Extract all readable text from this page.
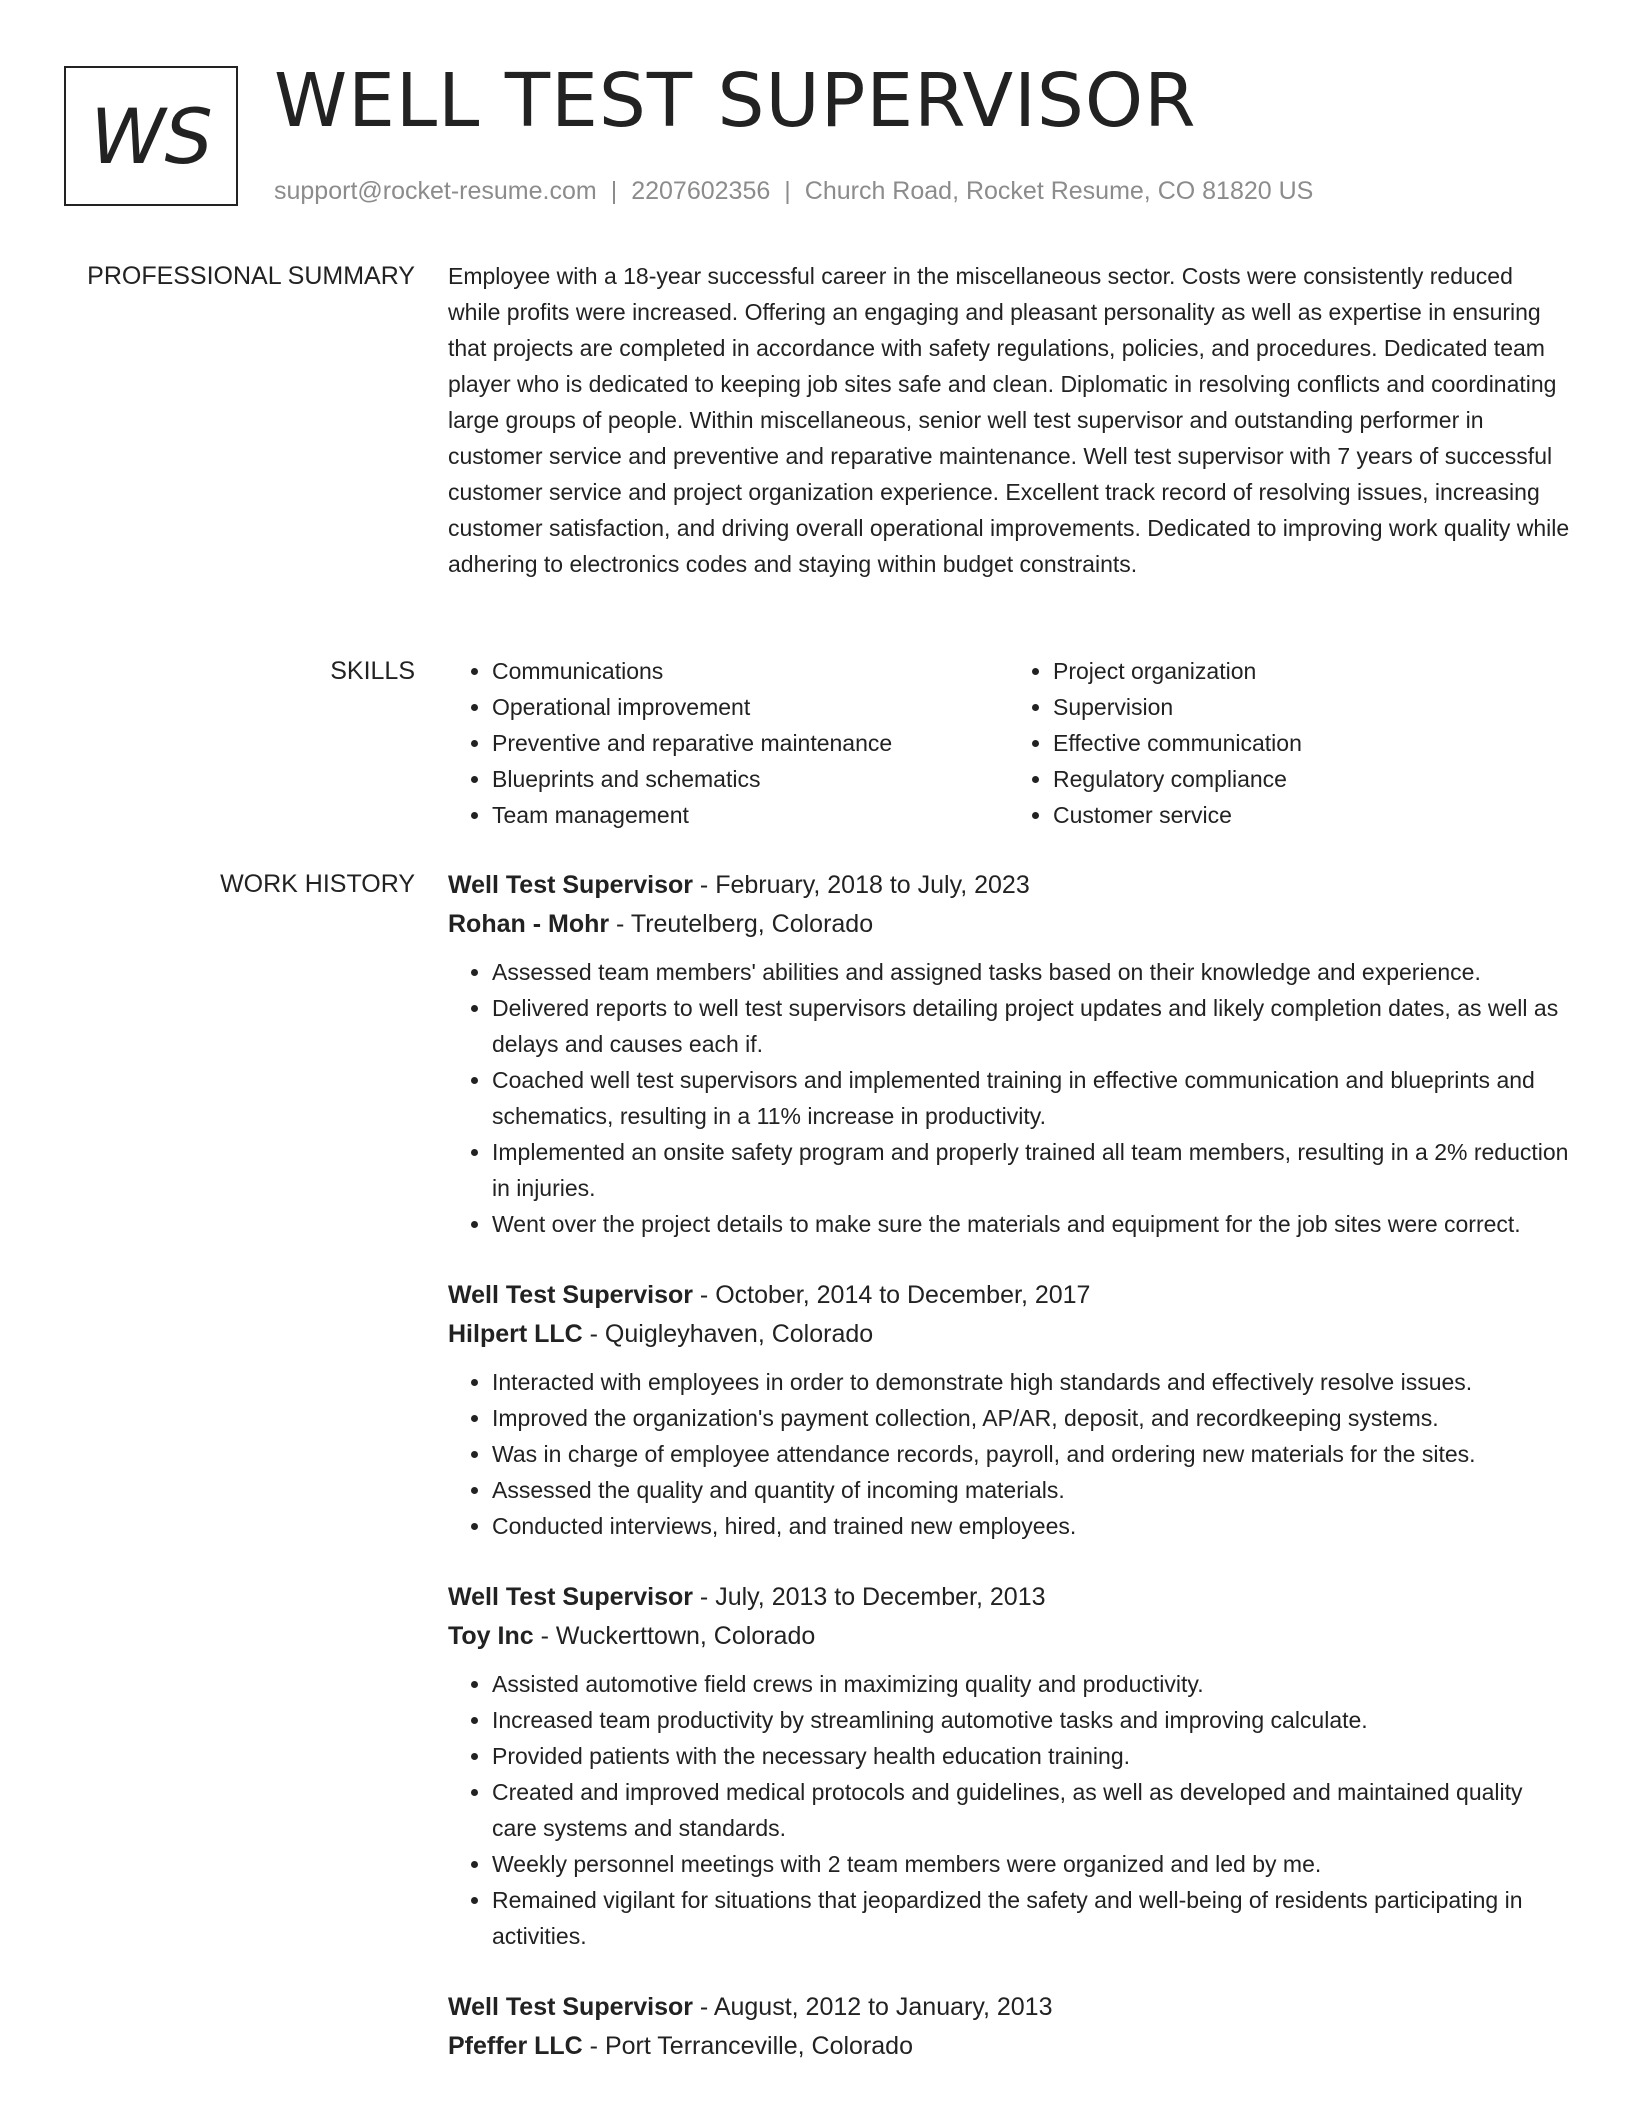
WS WELL TEST SUPERVISOR
support@rocket-resume.com | 2207602356 | Church Road, Rocket Resume, CO 81820 US
PROFESSIONAL SUMMARY Employee with a 18-year successful career in the miscellaneous sector. Costs were consistently reduced while profits were increased. Offering an engaging and pleasant personality as well as expertise in ensuring that projects are completed in accordance with safety regulations, policies, and procedures. Dedicated team player who is dedicated to keeping job sites safe and clean. Diplomatic in resolving conflicts and coordinating large groups of people. Within miscellaneous, senior well test supervisor and outstanding performer in customer service and preventive and reparative maintenance. Well test supervisor with 7 years of successful customer service and project organization experience. Excellent track record of resolving issues, increasing customer satisfaction, and driving overall operational improvements. Dedicated to improving work quality while adhering to electronics codes and staying within budget constraints.

SKILLS
•	Communications
• Operational improvement
• Preventive and reparative maintenance
• Blueprints and schematics
• Team management
• Project organization
• Supervision
• Effective communication
• Regulatory compliance
• Customer service
WORK HISTORY Well Test Supervisor - February, 2018 to July, 2023
Rohan - Mohr - Treutelberg, Colorado
• Assessed team members' abilities and assigned tasks based on their knowledge and experience.
• Delivered reports to well test supervisors detailing project updates and likely completion dates, as well as delays and causes each if.
• Coached well test supervisors and implemented training in effective communication and blueprints and schematics, resulting in a 11% increase in productivity.
• Implemented an onsite safety program and properly trained all team members, resulting in a 2% reduction in injuries.
• Went over the project details to make sure the materials and equipment for the job sites were correct.
Well Test Supervisor - October, 2014 to December, 2017
Hilpert LLC - Quigleyhaven, Colorado
• Interacted with employees in order to demonstrate high standards and effectively resolve issues.
• Improved the organization's payment collection, AP/AR, deposit, and recordkeeping systems.
• Was in charge of employee attendance records, payroll, and ordering new materials for the sites.
• Assessed the quality and quantity of incoming materials.
• Conducted interviews, hired, and trained new employees.
Well Test Supervisor - July, 2013 to December, 2013
Toy Inc - Wuckerttown, Colorado
• Assisted automotive field crews in maximizing quality and productivity.
• Increased team productivity by streamlining automotive tasks and improving calculate.
• Provided patients with the necessary health education training.
• Created and improved medical protocols and guidelines, as well as developed and maintained quality care systems and standards.
• Weekly personnel meetings with 2 team members were organized and led by me.
• Remained vigilant for situations that jeopardized the safety and well-being of residents participating in activities.
Well Test Supervisor - August, 2012 to January, 2013
Pfeffer LLC - Port Terranceville, Colorado
